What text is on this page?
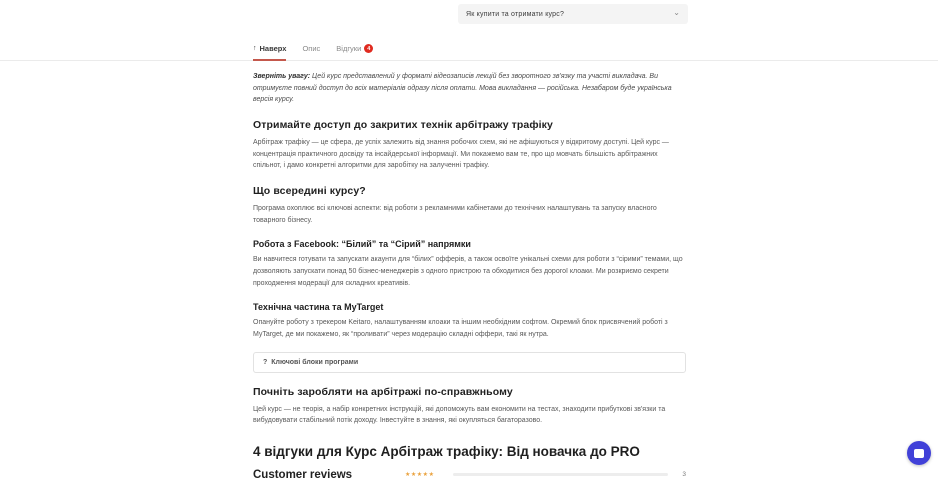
Як купити та отримати курс?	⌄
↑ Наверх Опис Відгуки	4

Зверніть увагу: Цей курс представлений у форматі відеозаписів лекцій без зворотного зв'язку та участі викладача. Ви отримуєте повний доступ до всіх матеріалів одразу після оплати. Мова викладання — російська. Незабаром буде українська версія курсу.

Отримайте доступ до закритих технік арбітражу трафіку

Арбітраж трафіку — це сфера, де успіх залежить від знання робочих схем, які не афішуються у відкритому доступі. Цей курс — концентрація практичного досвіду та інсайдерської інформації. Ми покажемо вам те, про що мовчать більшість арбітражних спільнот, і дамо конкретні алгоритми для заробітку на залученні трафіку.

Що всередині курсу?

Програма охоплює всі ключові аспекти: від роботи з рекламними кабінетами до технічних налаштувань та запуску власного товарного бізнесу.

Робота з Facebook: “Білий” та “Сірий” напрямки

Ви навчитеся готувати та запускати акаунти для “білих” офферів, а також освоїте унікальні схеми для роботи з “сірими” темами, що дозволяють запускати понад 50 бізнес-менеджерів з одного пристрою та обходитися без дорогої клоаки. Ми розкриємо секрети проходження модерації для складних креативів.

Технічна частина та MyTarget

Опануйте роботу з трекером Keitaro, налаштуванням клоаки та іншим необхідним софтом. Окремий блок присвячений роботі з MyTarget, де ми покажемо, як “проливати” через модерацію складні оффери, такі як нутра.

? Ключові блоки програми
Почніть заробляти на арбітражі по-справжньому

Цей курс — не теорія, а набір конкретних інструкцій, які допоможуть вам економити на тестах, знаходити прибуткові зв'язки та вибудовувати стабільний потік доходу. Інвестуйте в знання, які окупляться багаторазово.

4 відгуки для Курс Арбітраж трафіку: Від новачка до PRO
Customer reviews	★★★★★	3
